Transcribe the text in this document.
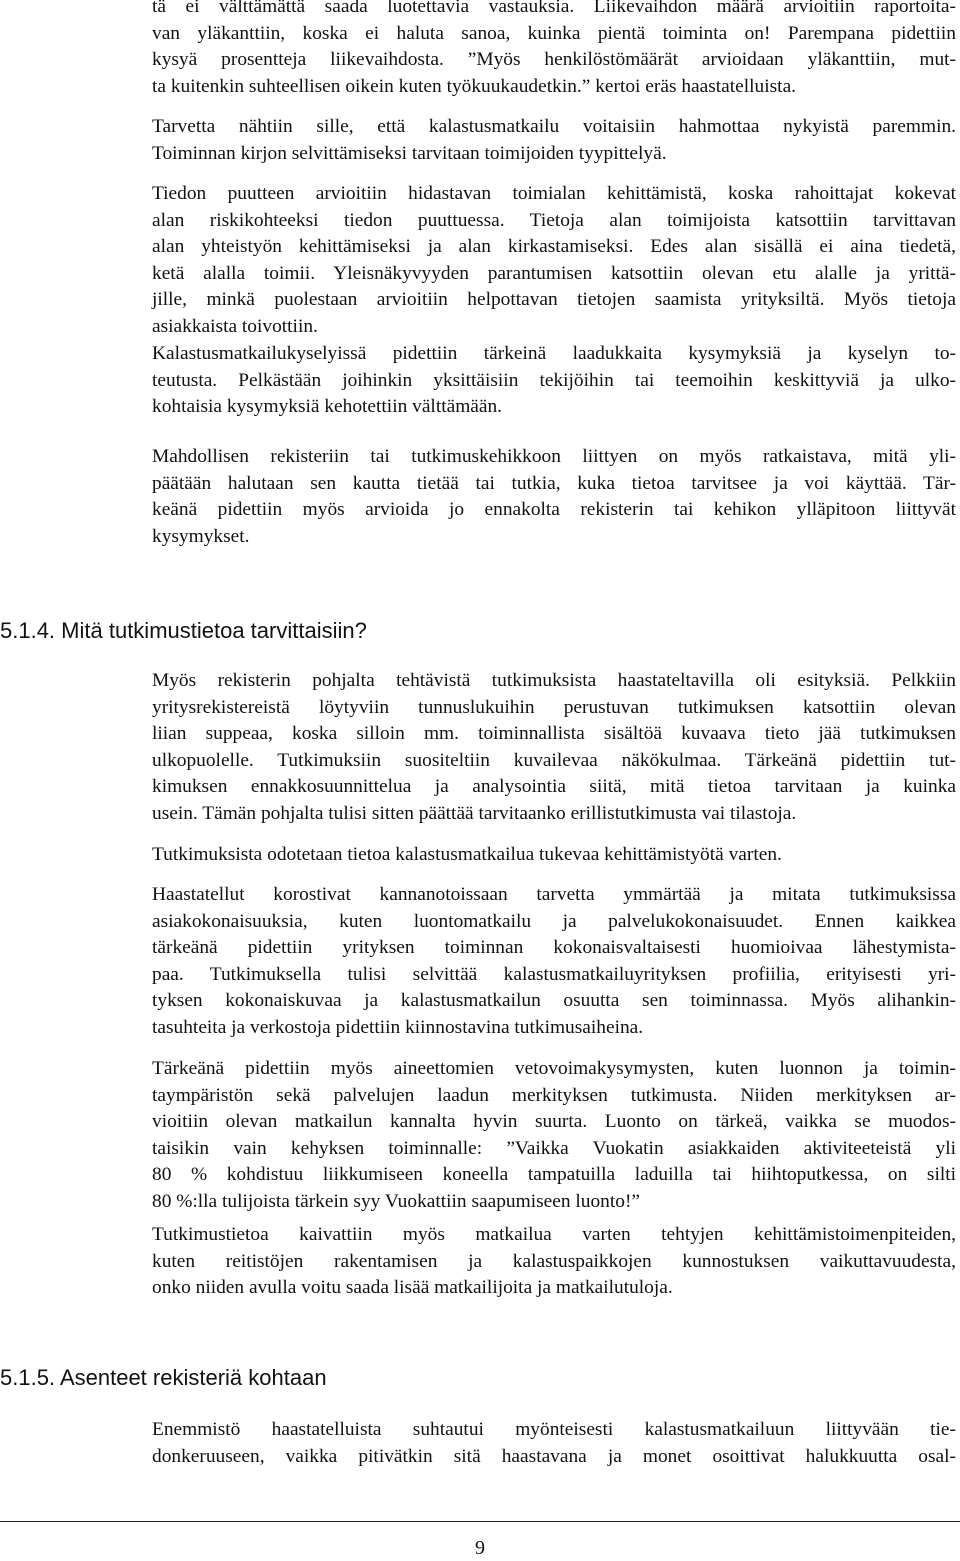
tä ei välttämättä saada luotettavia vastauksia. Liikevaihdon määrä arvioitiin raportoita-
van yläkanttiin, koska ei haluta sanoa, kuinka pientä toiminta on! Parempana pidettiin
kysyä prosentteja liikevaihdosta. ”Myös henkilöstömäärät arvioidaan yläkanttiin, mut-
ta kuitenkin suhteellisen oikein kuten työkuukaudetkin.” kertoi eräs haastatelluista.
Tarvetta nähtiin sille, että kalastusmatkailu voitaisiin hahmottaa nykyistä paremmin.
Toiminnan kirjon selvittämiseksi tarvitaan toimijoiden tyypittelyä.
Tiedon puutteen arvioitiin hidastavan toimialan kehittämistä, koska rahoittajat kokevat
alan riskikohteeksi tiedon puuttuessa. Tietoja alan toimijoista katsottiin tarvittavan
alan yhteistyön kehittämiseksi ja alan kirkastamiseksi. Edes alan sisällä ei aina tiedetä,
ketä alalla toimii. Yleisnäkyvyyden parantumisen katsottiin olevan etu alalle ja yrittä-
jille, minkä puolestaan arvioitiin helpottavan tietojen saamista yrityksiltä. Myös tietoja
asiakkaista toivottiin.
Kalastusmatkailukyselyissä pidettiin tärkeinä laadukkaita kysymyksiä ja kyselyn to-
teutusta. Pelkästään joihinkin yksittäisiin tekijöihin tai teemoihin keskittyviä ja ulko-
kohtaisia kysymyksiä kehotettiin välttämään.
Mahdollisen rekisteriin tai tutkimuskehikkoon liittyen on myös ratkaistava, mitä yli-
päätään halutaan sen kautta tietää tai tutkia, kuka tietoa tarvitsee ja voi käyttää. Tär-
keänä pidettiin myös arvioida jo ennakolta rekisterin tai kehikon ylläpitoon liittyvät
kysymykset.
5.1.4. Mitä tutkimustietoa tarvittaisiin?
Myös rekisterin pohjalta tehtävistä tutkimuksista haastateltavilla oli esityksiä. Pelkkiin
yritysrekistereistä löytyviin tunnuslukuihin perustuvan tutkimuksen katsottiin olevan
liian suppeaa, koska silloin mm. toiminnallista sisältöä kuvaava tieto jää tutkimuksen
ulkopuolelle. Tutkimuksiin suositeltiin kuvailevaa näkökulmaa. Tärkeänä pidettiin tut-
kimuksen ennakkosuunnittelua ja analysointia siitä, mitä tietoa tarvitaan ja kuinka
usein. Tämän pohjalta tulisi sitten päättää tarvitaanko erillistutkimusta vai tilastoja.
Tutkimuksista odotetaan tietoa kalastusmatkailua tukevaa kehittämistyötä varten.
Haastatellut korostivat kannanotoissaan tarvetta ymmärtää ja mitata tutkimuksissa
asiakokonaisuuksia, kuten luontomatkailu ja palvelukokonaisuudet. Ennen kaikkea
tärkeänä pidettiin yrityksen toiminnan kokonaisvaltaisesti huomioivaa lähestymista-
paa. Tutkimuksella tulisi selvittää kalastusmatkailuyrityksen profiilia, erityisesti yri-
tyksen kokonaiskuvaa ja kalastusmatkailun osuutta sen toiminnassa. Myös alihankin-
tasuhteita ja verkostoja pidettiin kiinnostavina tutkimusaiheina.
Tärkeänä pidettiin myös aineettomien vetovoimakysymysten, kuten luonnon ja toimin-
taympäristön sekä palvelujen laadun merkityksen tutkimusta. Niiden merkityksen ar-
vioitiin olevan matkailun kannalta hyvin suurta. Luonto on tärkeä, vaikka se muodos-
taisikin vain kehyksen toiminnalle: ”Vaikka Vuokatin asiakkaiden aktiviteeteistä yli
80 % kohdistuu liikkumiseen koneella tampatuilla laduilla tai hiihtoputkessa, on silti
80 %:lla tulijoista tärkein syy Vuokattiin saapumiseen luonto!”
Tutkimustietoa kaivattiin myös matkailua varten tehtyjen kehittämistoimenpiteiden,
kuten reitistöjen rakentamisen ja kalastuspaikkojen kunnostuksen vaikuttavuudesta,
onko niiden avulla voitu saada lisää matkailijoita ja matkailutuloja.
5.1.5. Asenteet rekisteriä kohtaan
Enemmistö haastatelluista suhtautui myönteisesti kalastusmatkailuun liittyvään tie-
donkeruuseen, vaikka pitivätkin sitä haastavana ja monet osoittivat halukkuutta osal-
9
